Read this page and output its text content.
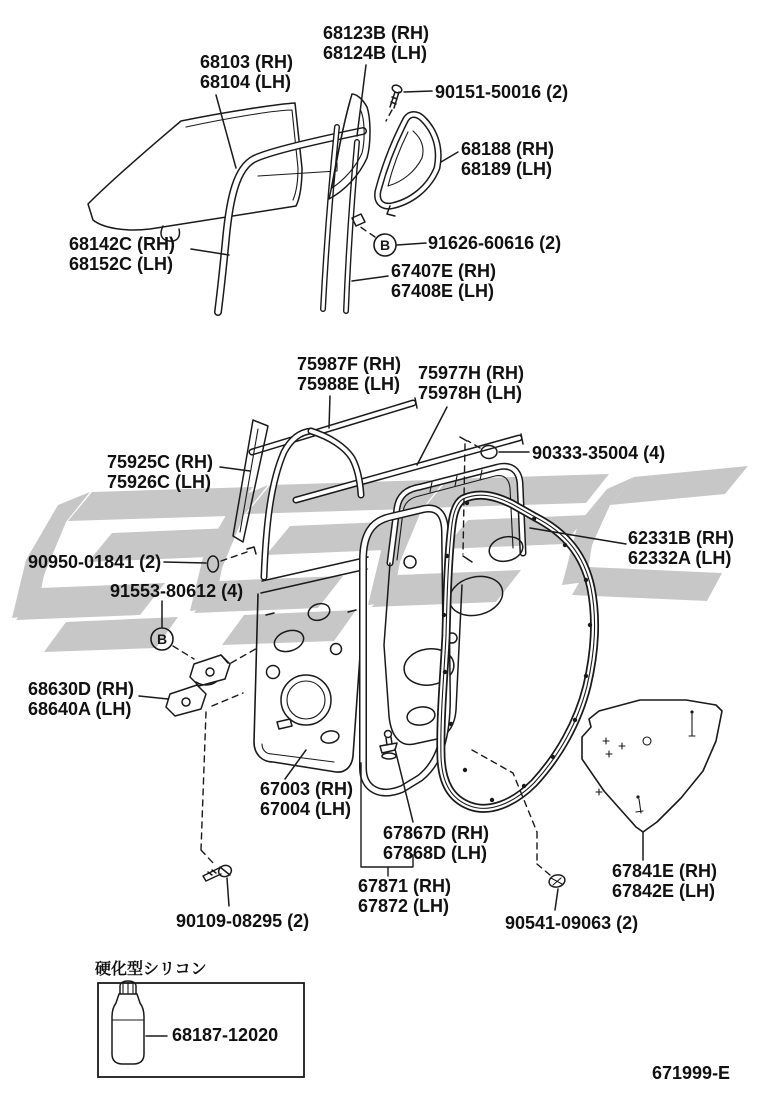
B
B
68103 (RH)
68104 (LH)
68123B (RH)
68124B (LH)
90151-50016 (2)
68188 (RH)
68189 (LH)
68142C (RH)
68152C (LH)
91626-60616 (2)
67407E (RH)
67408E (LH)
75987F (RH)
75988E (LH)
75977H (RH)
75978H (LH)
75925C (RH)
75926C (LH)
90333-35004 (4)
62331B (RH)
62332A (LH)
90950-01841 (2)
91553-80612 (4)
68630D (RH)
68640A (LH)
67003 (RH)
67004 (LH)
67867D (RH)
67868D (LH)
67871 (RH)
67872 (LH)
90109-08295 (2)	90541-09063 (2)
67841E (RH)
67842E (LH)
硬化型シリコン
68187-12020
671999-E
